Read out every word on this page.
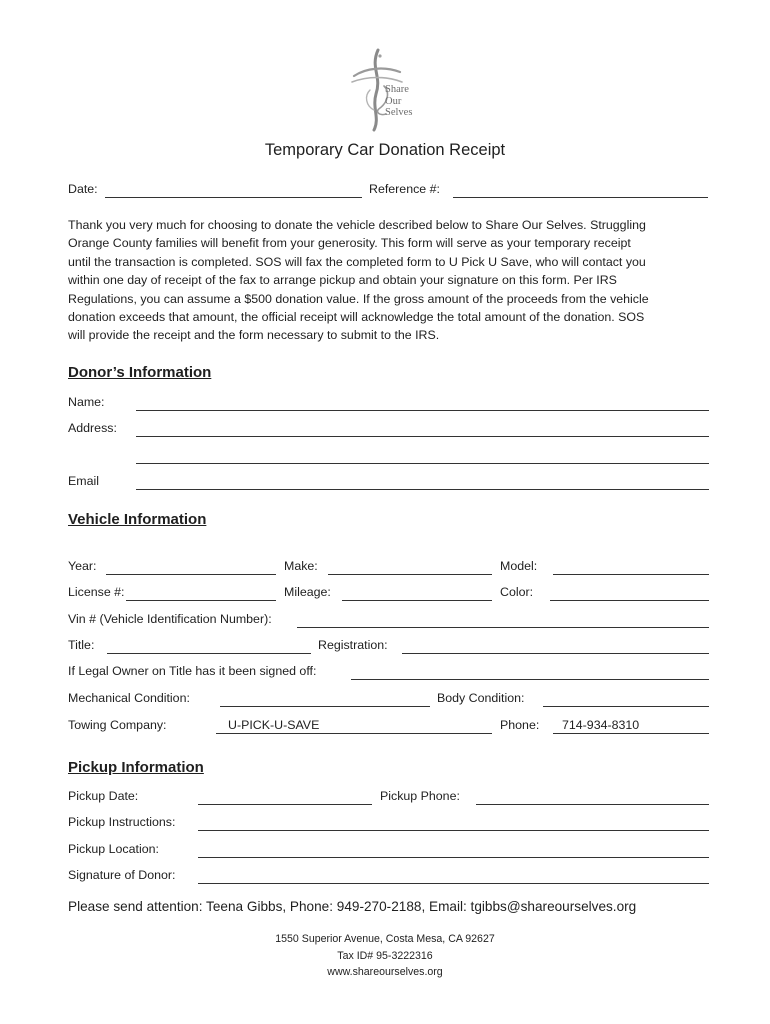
Share
Our
Selves
Temporary Car Donation Receipt
Date:	Reference #:
Thank you very much for choosing to donate the vehicle described below to Share Our Selves. Struggling
Orange County families will benefit from your generosity. This form will serve as your temporary receipt
until the transaction is completed. SOS will fax the completed form to U Pick U Save, who will contact you
within one day of receipt of the fax to arrange pickup and obtain your signature on this form. Per IRS
Regulations, you can assume a $500 donation value. If the gross amount of the proceeds from the vehicle
donation exceeds that amount, the official receipt will acknowledge the total amount of the donation. SOS
will provide the receipt and the form necessary to submit to the IRS.
Donor’s Information
Name:
Address:
Email
Vehicle Information
Year:	Make:	Model:
License #:	Mileage:	Color:
Vin # (Vehicle Identification Number):
Title:	Registration:
If Legal Owner on Title has it been signed off:
Mechanical Condition:	Body Condition:
Towing Company:	U-PICK-U-SAVE	Phone: 714-934-8310
Pickup Information
Pickup Date:	Pickup Phone:
Pickup Instructions:
Pickup Location:
Signature of Donor:
Please send attention: Teena Gibbs, Phone: 949-270-2188, Email: tgibbs@shareourselves.org
1550 Superior Avenue, Costa Mesa, CA 92627
Tax ID# 95-3222316
www.shareourselves.org
